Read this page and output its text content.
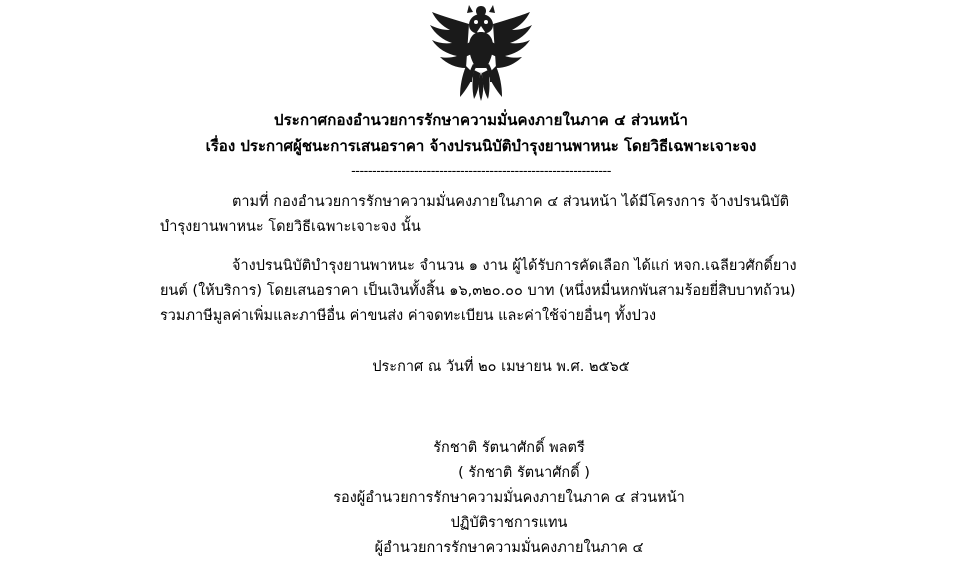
ประกาศกองอำนวยการรักษาความมั่นคงภายในภาค ๔ ส่วนหน้า
เรื่อง ประกาศผู้ชนะการเสนอราคา จ้างปรนนิบัติบำรุงยานพาหนะ โดยวิธีเฉพาะเจาะจง
--------------------------------------------------------------

ตามที่ กองอำนวยการรักษาความมั่นคงภายในภาค ๔ ส่วนหน้า ได้มีโครงการ จ้างปรนนิบัติบำรุงยานพาหนะ โดยวิธีเฉพาะเจาะจง นั้น

จ้างปรนนิบัติบำรุงยานพาหนะ จำนวน ๑ งาน ผู้ได้รับการคัดเลือก ได้แก่ หจก.เฉลียวศักดิ์ยางยนต์ (ให้บริการ) โดยเสนอราคา เป็นเงินทั้งสิ้น ๑๖,๓๒๐.๐๐ บาท (หนึ่งหมื่นหกพันสามร้อยยี่สิบบาทถ้วน) รวมภาษีมูลค่าเพิ่มและภาษีอื่น ค่าขนส่ง ค่าจดทะเบียน และค่าใช้จ่ายอื่นๆ ทั้งปวง

ประกาศ ณ วันที่ ๒๐ เมษายน พ.ศ. ๒๕๖๕
รักชาติ รัตนาศักดิ์ พลตรี
( รักชาติ รัตนาศักดิ์ )
รองผู้อำนวยการรักษาความมั่นคงภายในภาค ๔ ส่วนหน้า
ปฏิบัติราชการแทน
ผู้อำนวยการรักษาความมั่นคงภายในภาค ๔
